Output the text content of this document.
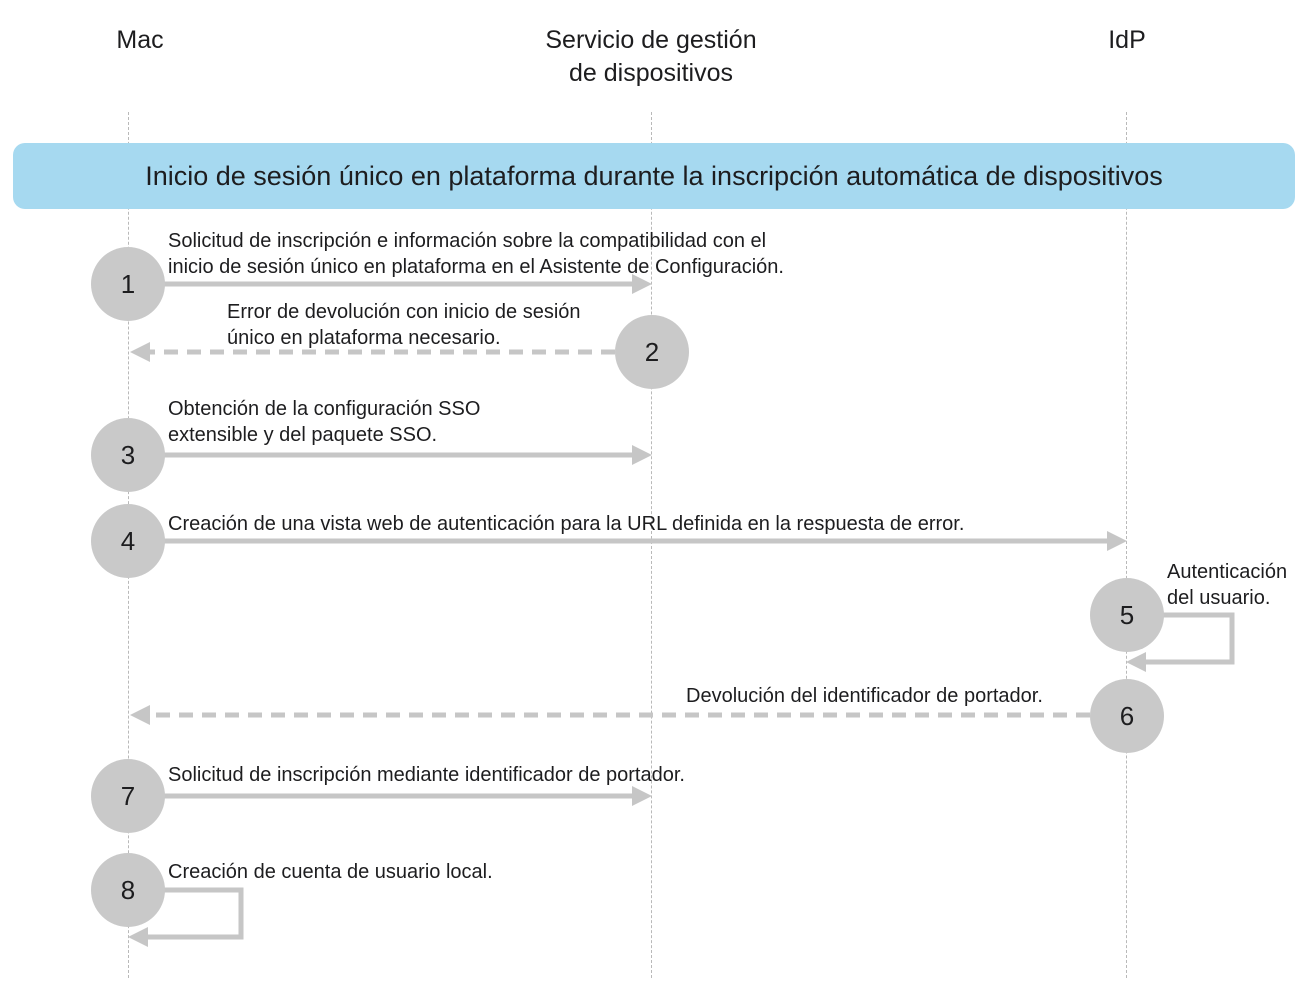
Mac	Servicio de gestión
de dispositivos
IdP
Inicio de sesión único en plataforma durante la inscripción automática de dispositivos
1
2
3
4
5
6
7
8
Solicitud de inscripción e información sobre la compatibilidad con el
inicio de sesión único en plataforma en el Asistente de Configuración.
Error de devolución con inicio de sesión
único en plataforma necesario.
Obtención de la configuración SSO
extensible y del paquete SSO.
Creación de una vista web de autenticación para la URL definida en la respuesta de error.
Autenticación
del usuario.
Devolución del identificador de portador.
Solicitud de inscripción mediante identificador de portador.
Creación de cuenta de usuario local.
